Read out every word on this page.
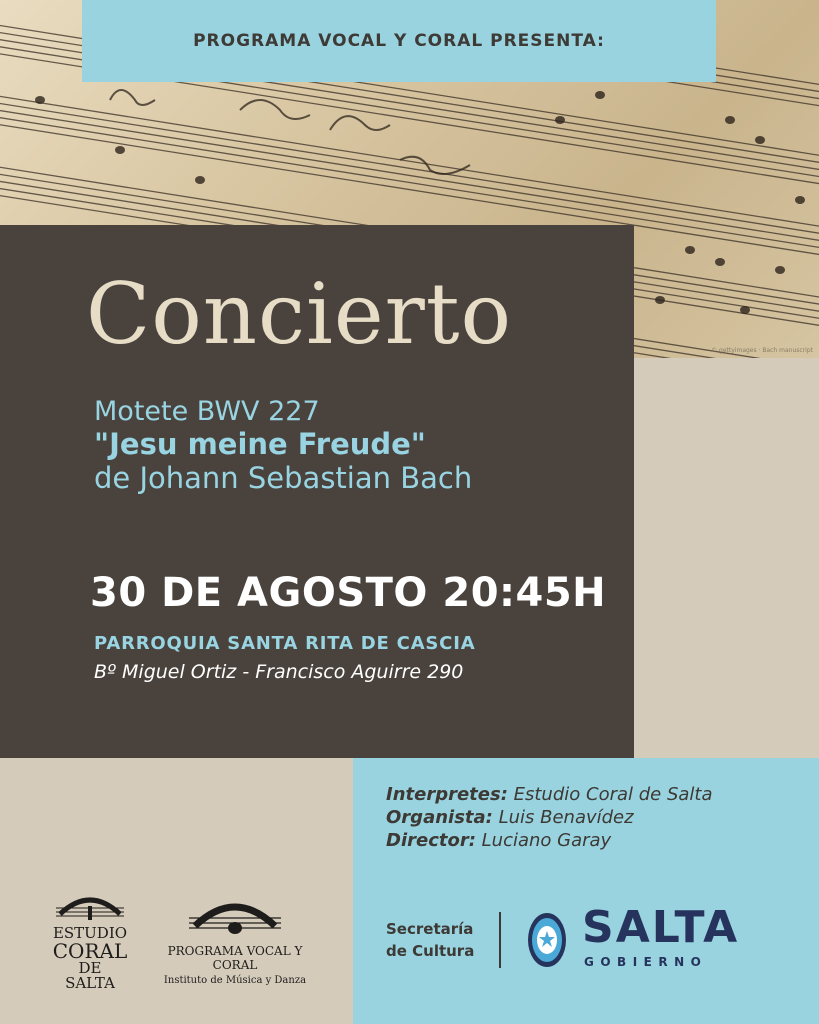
PROGRAMA VOCAL Y CORAL PRESENTA:
© gettyimages · Bach manuscript
Concierto
Motete BWV 227
"Jesu meine Freude"
de Johann Sebastian Bach
30 DE AGOSTO 20:45H
PARROQUIA SANTA RITA DE CASCIA
Bº Miguel Ortiz - Francisco Aguirre 290
Interpretes: Estudio Coral de Salta
Organista: Luis Benavídez
Director: Luciano Garay
Secretaría
de Cultura SALTA
GOBIERNO
ESTUDIO
CORAL
DE SALTA
PROGRAMA VOCAL Y CORAL
Instituto de Música y Danza
